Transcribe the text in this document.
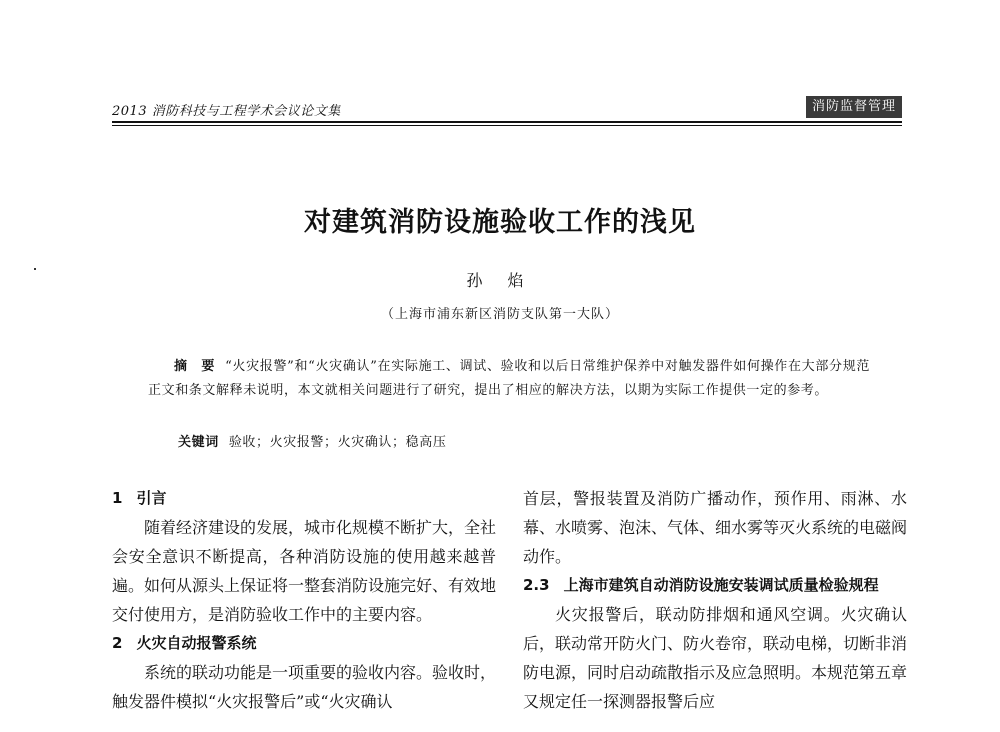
2013 消防科技与工程学术会议论文集	消防监督管理
对建筑消防设施验收工作的浅见
孙 焰
（上海市浦东新区消防支队第一大队）
摘　要 “火灾报警”和“火灾确认”在实际施工、调试、验收和以后日常维护保养中对触发器件如何操作在大部分规范正文和条文解释未说明，本文就相关问题进行了研究，提出了相应的解决方法，以期为实际工作提供一定的参考。
关键词 验收；火灾报警；火灾确认；稳高压
1 引言
随着经济建设的发展，城市化规模不断扩大，全社会安全意识不断提高，各种消防设施的使用越来越普遍。如何从源头上保证将一整套消防设施完好、有效地交付使用方，是消防验收工作中的主要内容。
2 火灾自动报警系统
系统的联动功能是一项重要的验收内容。验收时，触发器件模拟“火灾报警后”或“火灾确认
首层，警报装置及消防广播动作，预作用、雨淋、水幕、水喷雾、泡沫、气体、细水雾等灭火系统的电磁阀动作。
2.3 上海市建筑自动消防设施安装调试质量检验规程
火灾报警后，联动防排烟和通风空调。火灾确认后，联动常开防火门、防火卷帘，联动电梯，切断非消防电源，同时启动疏散指示及应急照明。本规范第五章又规定任一探测器报警后应
